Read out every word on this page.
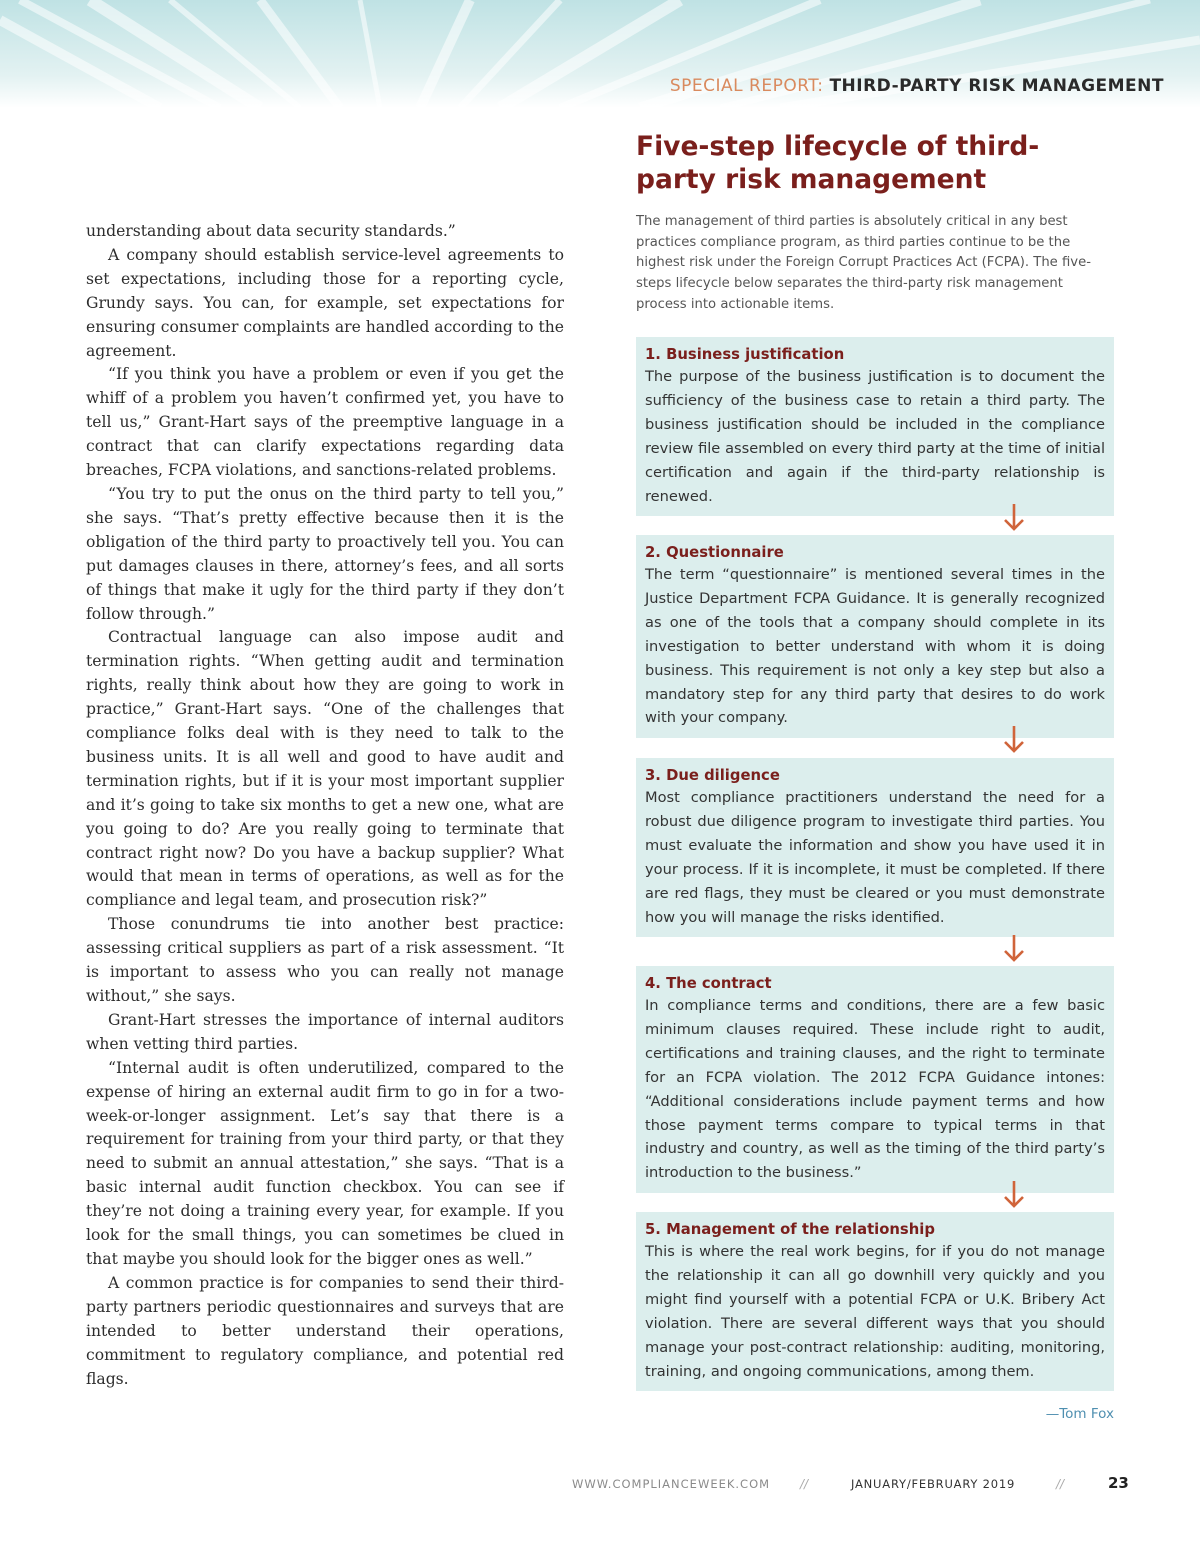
SPECIAL REPORT: THIRD-PARTY RISK MANAGEMENT

understanding about data security standards.”

A company should establish service-level agreements to set expectations, including those for a reporting cycle, Grundy says. You can, for example, set expectations for ensuring consumer complaints are handled according to the agreement.

“If you think you have a problem or even if you get the whiff of a problem you haven’t confirmed yet, you have to tell us,” Grant-Hart says of the preemptive language in a contract that can clarify expectations regarding data breaches, FCPA violations, and sanctions-related problems.

“You try to put the onus on the third party to tell you,” she says. “That’s pretty effective because then it is the obligation of the third party to proactively tell you. You can put damages clauses in there, attorney’s fees, and all sorts of things that make it ugly for the third party if they don’t follow through.”

Contractual language can also impose audit and termination rights. “When getting audit and termination rights, really think about how they are going to work in practice,” Grant-Hart says. “One of the challenges that compliance folks deal with is they need to talk to the business units. It is all well and good to have audit and termination rights, but if it is your most important supplier and it’s going to take six months to get a new one, what are you going to do? Are you really going to terminate that contract right now? Do you have a backup supplier? What would that mean in terms of operations, as well as for the compliance and legal team, and prosecution risk?”

Those conundrums tie into another best practice: assessing critical suppliers as part of a risk assessment. “It is important to assess who you can really not manage without,” she says.

Grant-Hart stresses the importance of internal auditors when vetting third parties.

“Internal audit is often underutilized, compared to the expense of hiring an external audit firm to go in for a two-week-or-longer assignment. Let’s say that there is a requirement for training from your third party, or that they need to submit an annual attestation,” she says. “That is a basic internal audit function checkbox. You can see if they’re not doing a training every year, for example. If you look for the small things, you can sometimes be clued in that maybe you should look for the bigger ones as well.”

A common practice is for companies to send their third-party partners periodic questionnaires and surveys that are intended to better understand their operations, commitment to regulatory compliance, and potential red flags.

Five-step lifecycle of third-party risk management

The management of third parties is absolutely critical in any best practices compliance program, as third parties continue to be the highest risk under the Foreign Corrupt Practices Act (FCPA). The five-steps lifecycle below separates the third-party risk management process into actionable items.

1. Business justification

The purpose of the business justification is to document the sufficiency of the business case to retain a third party. The business justification should be included in the compliance review file assembled on every third party at the time of initial certification and again if the third-party relationship is renewed.

2. Questionnaire

The term “questionnaire” is mentioned several times in the Justice Department FCPA Guidance. It is generally recognized as one of the tools that a company should complete in its investigation to better understand with whom it is doing business. This requirement is not only a key step but also a mandatory step for any third party that desires to do work with your company.

3. Due diligence

Most compliance practitioners understand the need for a robust due diligence program to investigate third parties. You must evaluate the information and show you have used it in your process. If it is incomplete, it must be completed. If there are red flags, they must be cleared or you must demonstrate how you will manage the risks identified.

4. The contract

In compliance terms and conditions, there are a few basic minimum clauses required. These include right to audit, certifications and training clauses, and the right to terminate for an FCPA violation. The 2012 FCPA Guidance intones: “Additional considerations include payment terms and how those payment terms compare to typical terms in that industry and country, as well as the timing of the third party’s introduction to the business.”

5. Management of the relationship

This is where the real work begins, for if you do not manage the relationship it can all go downhill very quickly and you might find yourself with a potential FCPA or U.K. Bribery Act violation. There are several different ways that you should manage your post-contract relationship: auditing, monitoring, training, and ongoing communications, among them.

—Tom Fox
WWW.COMPLIANCEWEEK.COM //	JANUARY/FEBRUARY 2019	//	23
